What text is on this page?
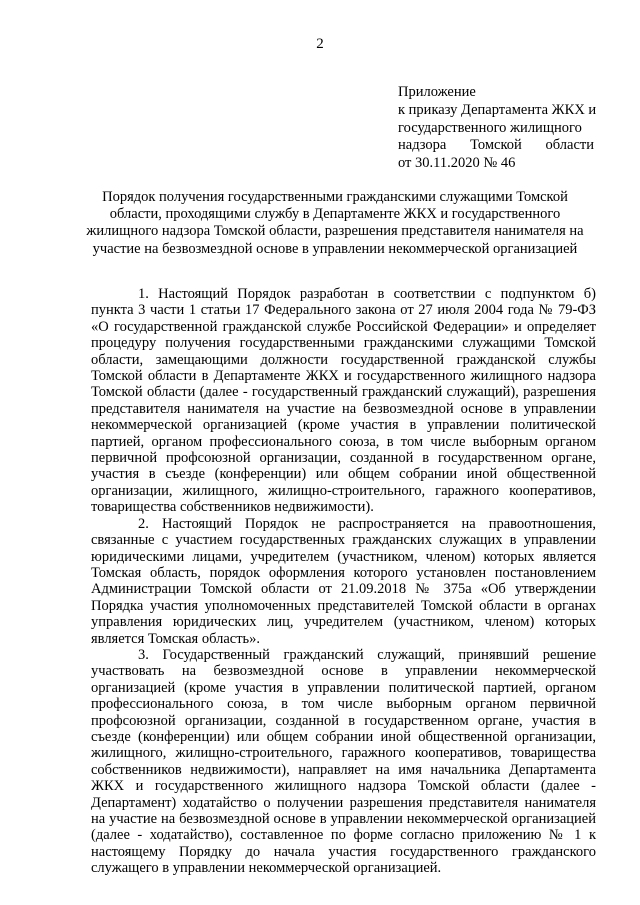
2
Приложение
к приказу Департамента ЖКХ и
государственного жилищного
надзора Томской области
от 30.11.2020 № 46
Порядок получения государственными гражданскими служащими Томской
области, проходящими службу в Департаменте ЖКХ и государственного
жилищного надзора Томской области, разрешения представителя нанимателя на
участие на безвозмездной основе в управлении некоммерческой организацией

1. Настоящий Порядок разработан в соответствии с подпунктом б) пункта 3 части 1 статьи 17 Федерального закона от 27 июля 2004 года № 79-ФЗ «О государственной гражданской службе Российской Федерации» и определяет процедуру получения государственными гражданскими служащими Томской области, замещающими должности государственной гражданской службы Томской области в Департаменте ЖКХ и государственного жилищного надзора Томской области (далее - государственный гражданский служащий), разрешения представителя нанимателя на участие на безвозмездной основе в управлении некоммерческой организацией (кроме участия в управлении политической партией, органом профессионального союза, в том числе выборным органом первичной профсоюзной организации, созданной в государственном органе, участия в съезде (конференции) или общем собрании иной общественной организации, жилищного, жилищно-строительного, гаражного кооперативов, товарищества собственников недвижимости).

2. Настоящий Порядок не распространяется на правоотношения, связанные с участием государственных гражданских служащих в управлении юридическими лицами, учредителем (участником, членом) которых является Томская область, порядок оформления которого установлен постановлением Администрации Томской области от 21.09.2018 № 375а «Об утверждении Порядка участия уполномоченных представителей Томской области в органах управления юридических лиц, учредителем (участником, членом) которых является Томская область».

3. Государственный гражданский служащий, принявший решение участвовать на безвозмездной основе в управлении некоммерческой организацией (кроме участия в управлении политической партией, органом профессионального союза, в том числе выборным органом первичной профсоюзной организации, созданной в государственном органе, участия в съезде (конференции) или общем собрании иной общественной организации, жилищного, жилищно-строительного, гаражного кооперативов, товарищества собственников недвижимости), направляет на имя начальника Департамента ЖКХ и государственного жилищного надзора Томской области (далее - Департамент) ходатайство о получении разрешения представителя нанимателя на участие на безвозмездной основе в управлении некоммерческой организацией (далее - ходатайство), составленное по форме согласно приложению № 1 к настоящему Порядку до начала участия государственного гражданского служащего в управлении некоммерческой организацией.
